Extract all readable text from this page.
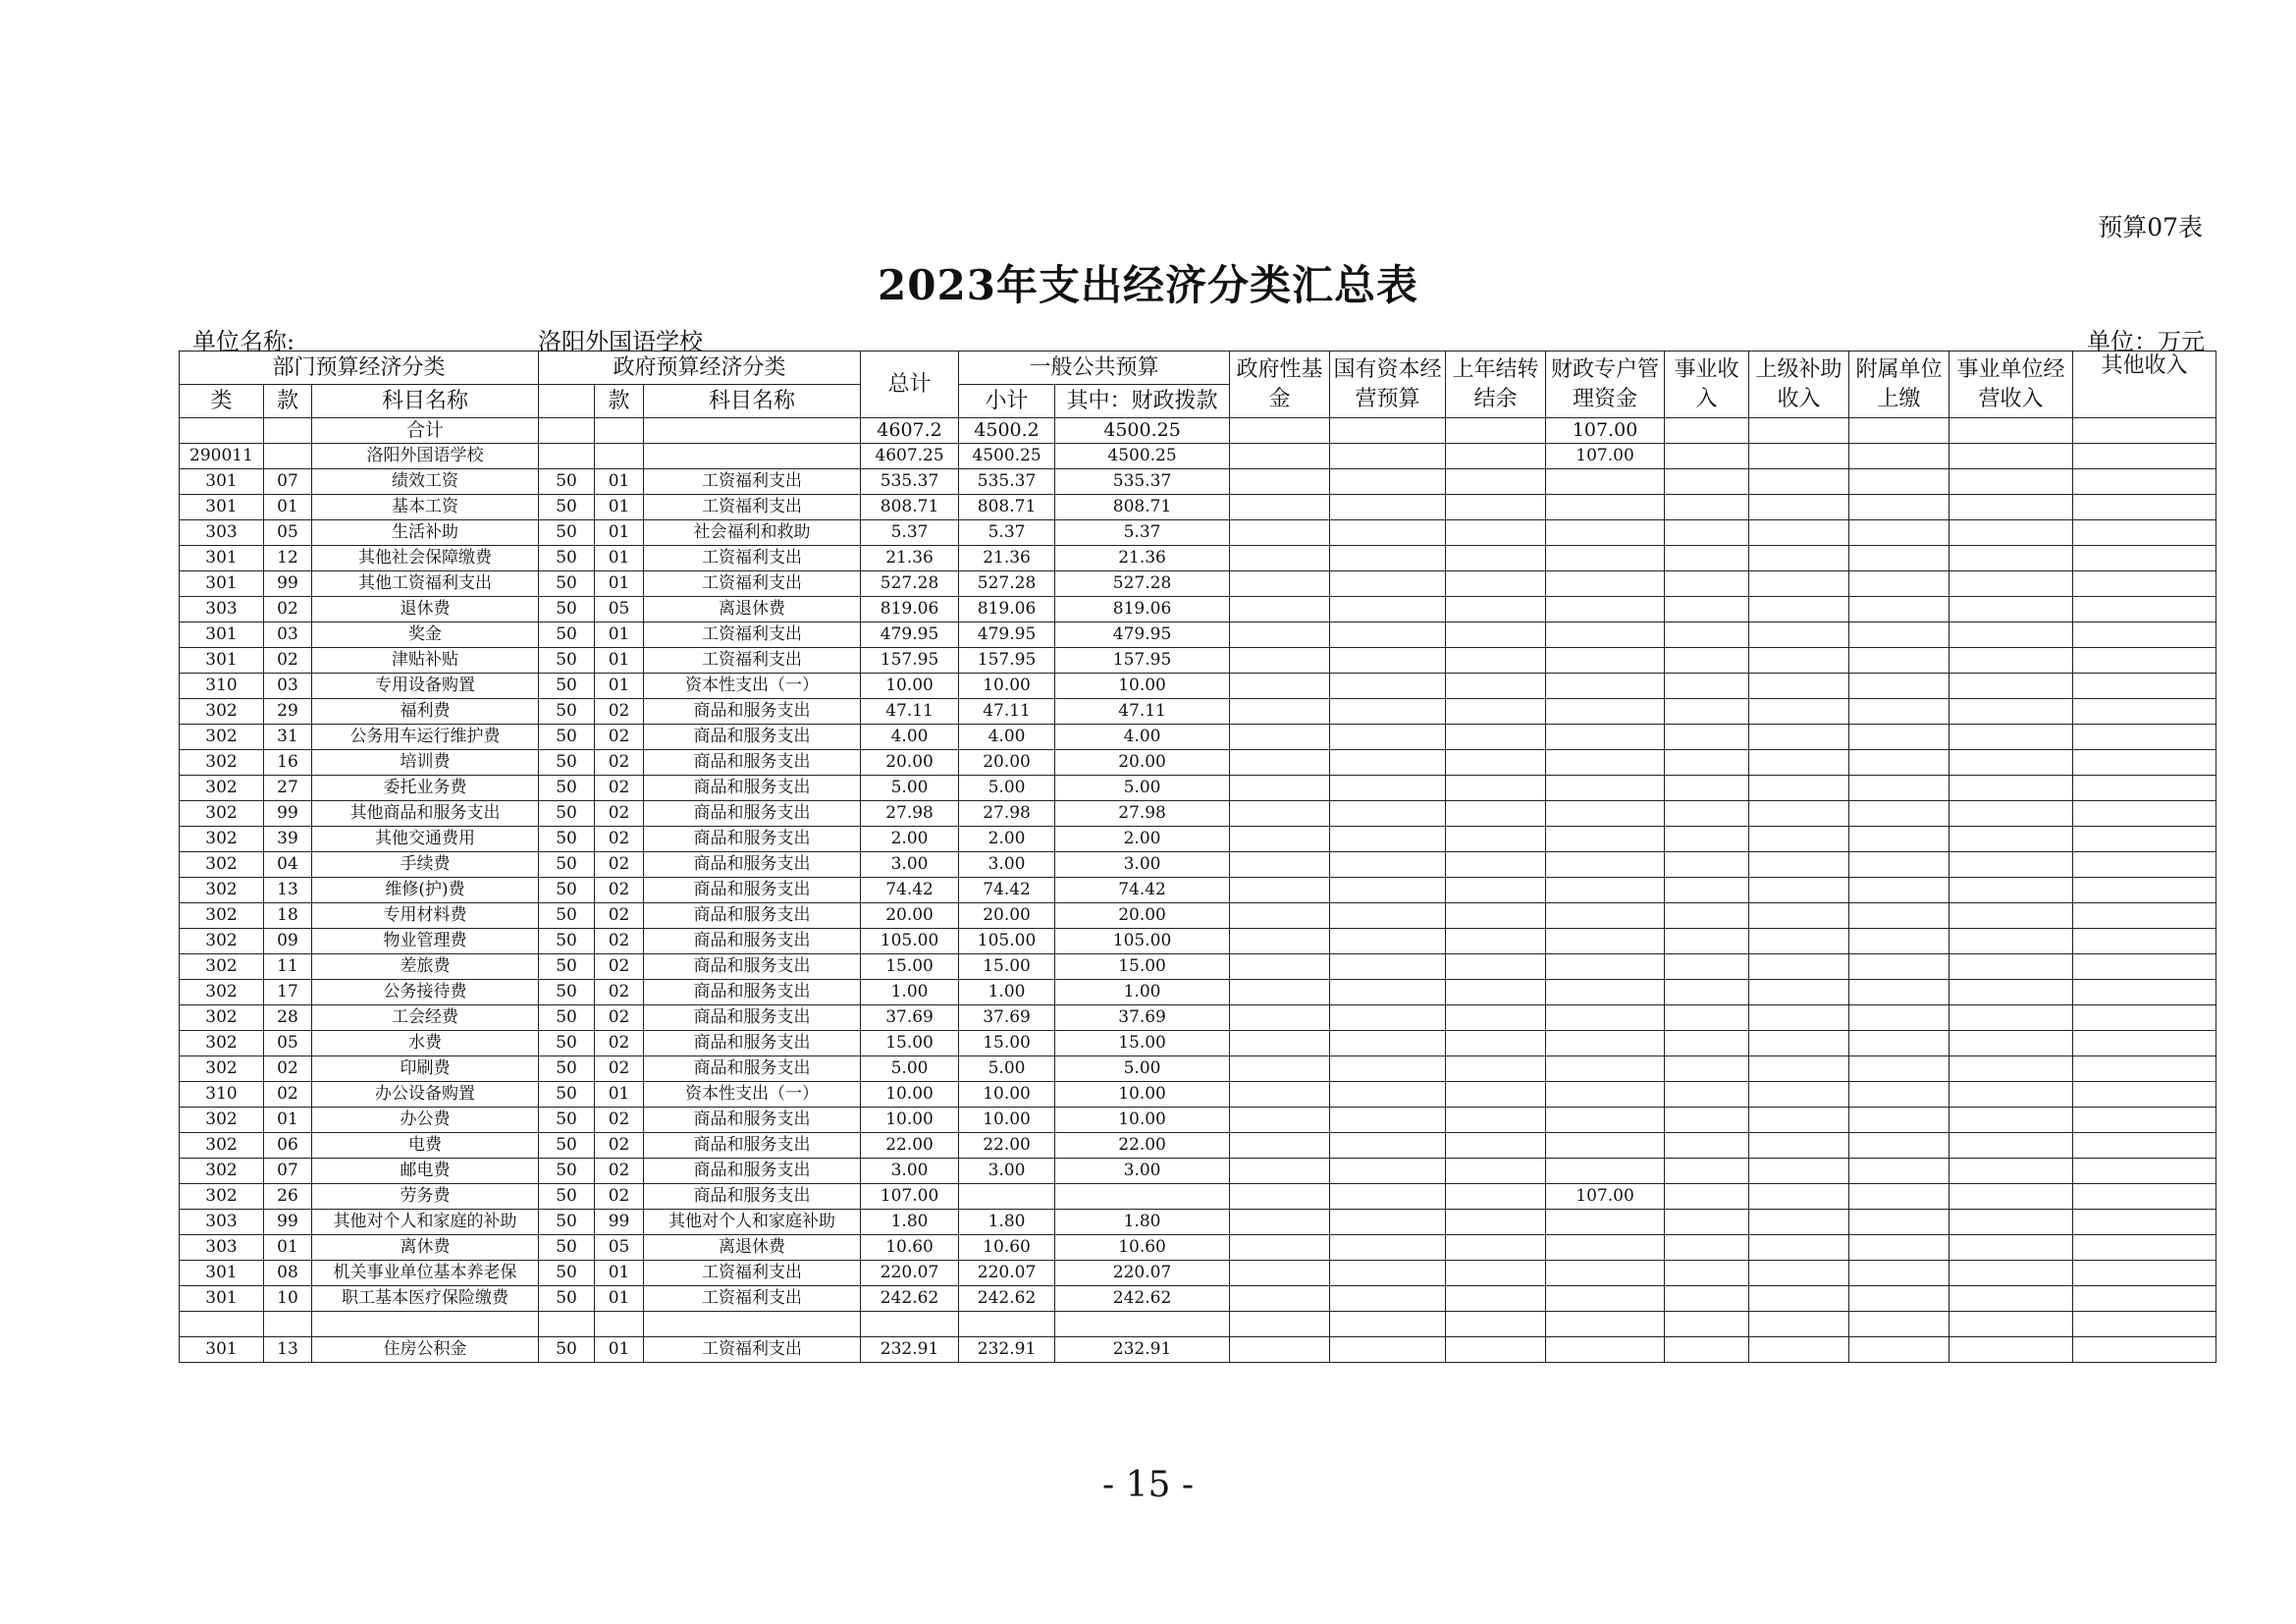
预算07表
2023年支出经济分类汇总表
单位名称:	洛阳外国语学校	单位：万元
部门预算经济分类			政府预算经济分类			总计	一般公共预算		政府性基金	国有资本经营预算	上年结转结余	财政专户管理资金	事业收入	上级补助收入	附属单位上缴	事业单位经营收入	其他收入
类	款	科目名称		款	科目名称		小计	其中：财政拨款									
		合计				4607.2	4500.2	4500.25				107.00					
290011		洛阳外国语学校				4607.25	4500.25	4500.25				107.00					
301	07	绩效工资	50	01	工资福利支出	535.37	535.37	535.37									
301	01	基本工资	50	01	工资福利支出	808.71	808.71	808.71									
303	05	生活补助	50	01	社会福利和救助	5.37	5.37	5.37									
301	12	其他社会保障缴费	50	01	工资福利支出	21.36	21.36	21.36									
301	99	其他工资福利支出	50	01	工资福利支出	527.28	527.28	527.28									
303	02	退休费	50	05	离退休费	819.06	819.06	819.06									
301	03	奖金	50	01	工资福利支出	479.95	479.95	479.95									
301	02	津贴补贴	50	01	工资福利支出	157.95	157.95	157.95									
310	03	专用设备购置	50	01	资本性支出（一）	10.00	10.00	10.00									
302	29	福利费	50	02	商品和服务支出	47.11	47.11	47.11									
302	31	公务用车运行维护费	50	02	商品和服务支出	4.00	4.00	4.00									
302	16	培训费	50	02	商品和服务支出	20.00	20.00	20.00									
302	27	委托业务费	50	02	商品和服务支出	5.00	5.00	5.00									
302	99	其他商品和服务支出	50	02	商品和服务支出	27.98	27.98	27.98									
302	39	其他交通费用	50	02	商品和服务支出	2.00	2.00	2.00									
302	04	手续费	50	02	商品和服务支出	3.00	3.00	3.00									
302	13	维修(护)费	50	02	商品和服务支出	74.42	74.42	74.42									
302	18	专用材料费	50	02	商品和服务支出	20.00	20.00	20.00									
302	09	物业管理费	50	02	商品和服务支出	105.00	105.00	105.00									
302	11	差旅费	50	02	商品和服务支出	15.00	15.00	15.00									
302	17	公务接待费	50	02	商品和服务支出	1.00	1.00	1.00									
302	28	工会经费	50	02	商品和服务支出	37.69	37.69	37.69									
302	05	水费	50	02	商品和服务支出	15.00	15.00	15.00									
302	02	印刷费	50	02	商品和服务支出	5.00	5.00	5.00									
310	02	办公设备购置	50	01	资本性支出（一）	10.00	10.00	10.00									
302	01	办公费	50	02	商品和服务支出	10.00	10.00	10.00									
302	06	电费	50	02	商品和服务支出	22.00	22.00	22.00									
302	07	邮电费	50	02	商品和服务支出	3.00	3.00	3.00									
302	26	劳务费	50	02	商品和服务支出	107.00						107.00					
303	99	其他对个人和家庭的补助	50	99	其他对个人和家庭补助	1.80	1.80	1.80									
303	01	离休费	50	05	离退休费	10.60	10.60	10.60									
301	08	机关事业单位基本养老保	50	01	工资福利支出	220.07	220.07	220.07									
301	10	职工基本医疗保险缴费	50	01	工资福利支出	242.62	242.62	242.62									

301	13	住房公积金	50	01	工资福利支出	232.91	232.91	232.91									
- 15 -
